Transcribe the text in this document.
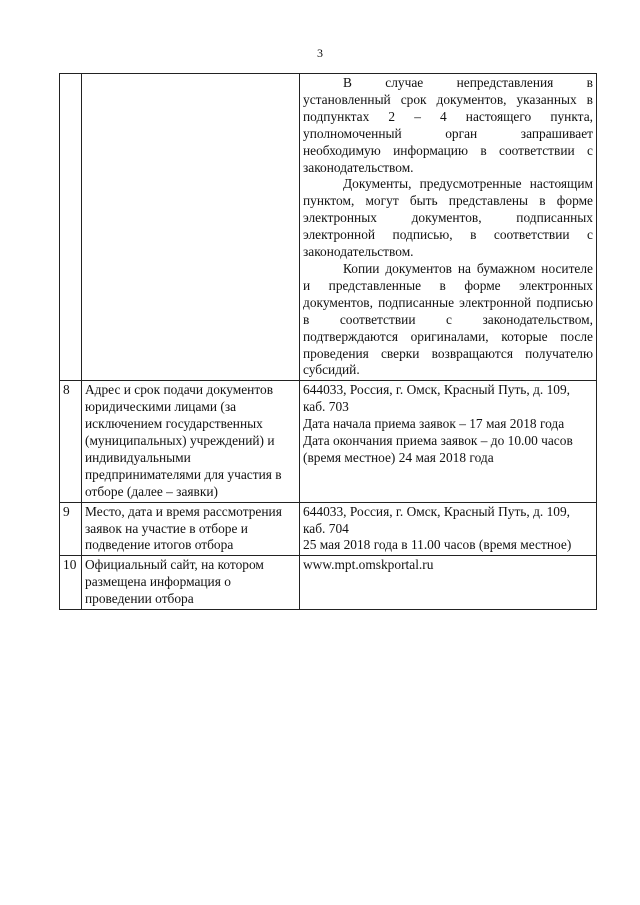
3

		В случае непредставления в установленный срок документов, указанных в подпунктах 2 – 4 настоящего пункта, уполномоченный орган запрашивает необходимую информацию в соответствии с законодательством.

Документы, предусмотренные настоящим пунктом, могут быть представлены в форме электронных документов, подписанных электронной подписью, в соответствии с законодательством.

Копии документов на бумажном носителе и представленные в форме электронных документов, подписанные электронной подписью в соответствии с законодательством, подтверждаются оригиналами, которые после проведения сверки возвращаются получателю субсидий.

8	Адрес и срок подачи документов юридическими лицами (за исключением государственных (муниципальных) учреждений) и индивидуальными предпринимателями для участия в отборе (далее – заявки)	644033, Россия, г. Омск, Красный Путь, д. 109, каб. 703

Дата начала приема заявок – 17 мая 2018 года

Дата окончания приема заявок – до 10.00 часов (время местное) 24 мая 2018 года

9	Место, дата и время рассмотрения заявок на участие в отборе и подведение итогов отбора	644033, Россия, г. Омск, Красный Путь, д. 109, каб. 704

25 мая 2018 года в 11.00 часов (время местное)

10	Официальный сайт, на котором размещена информация о проведении отбора	www.mpt.omskportal.ru
